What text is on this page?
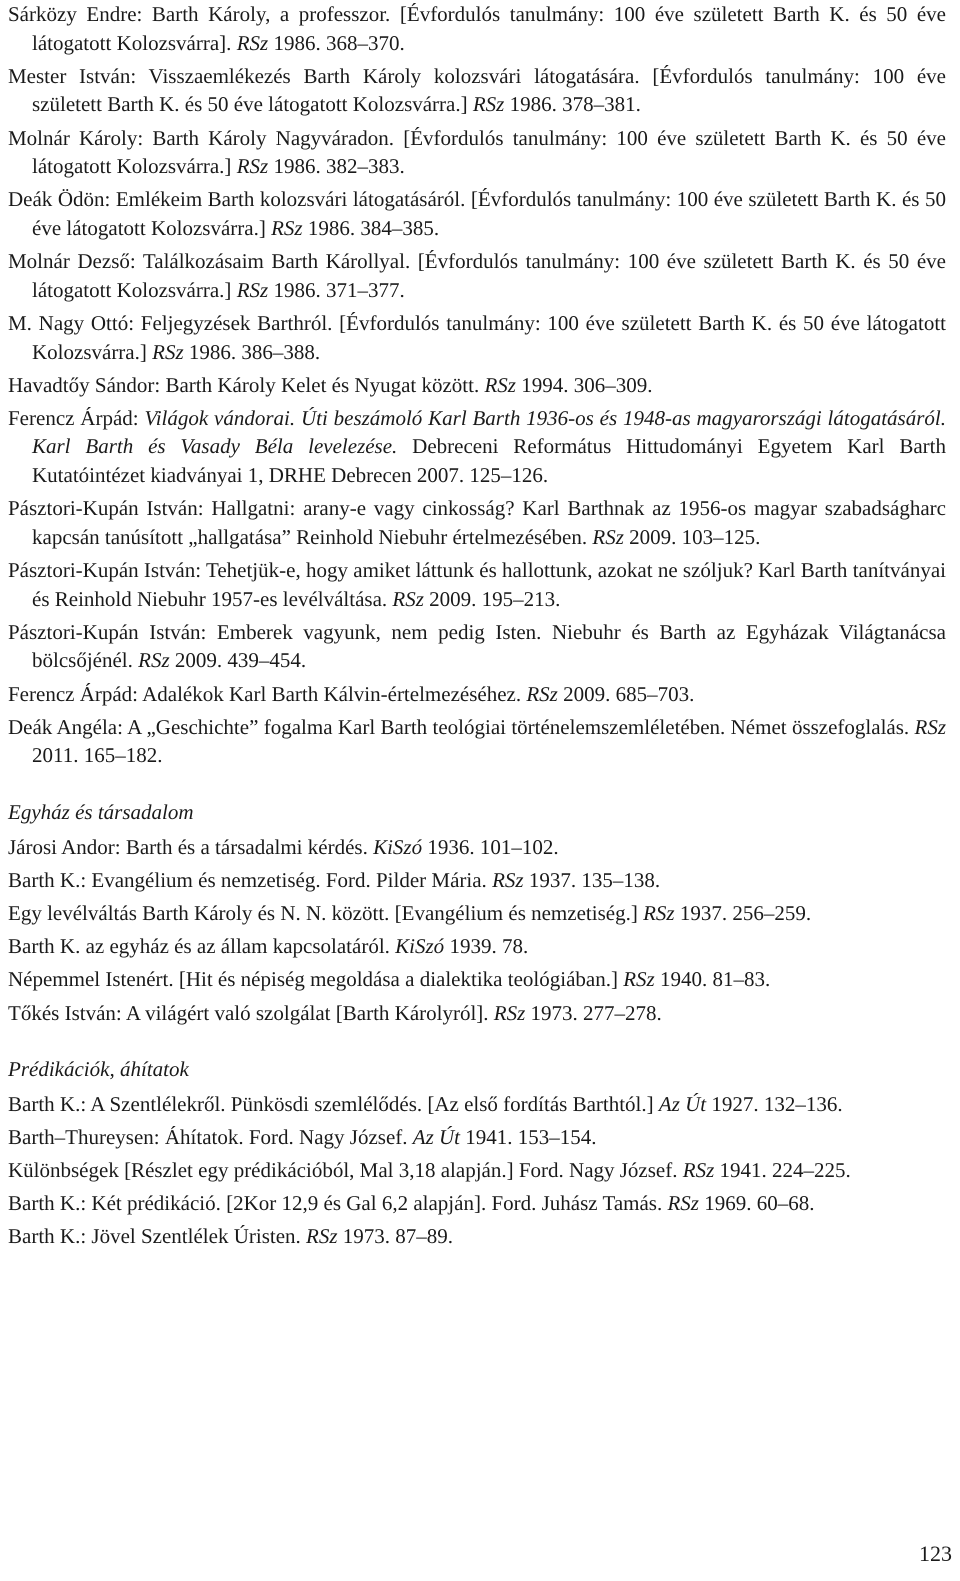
Sárközy Endre: Barth Károly, a professzor. [Évfordulós tanulmány: 100 éve született Barth K. és 50 éve látogatott Kolozsvárra]. RSz 1986. 368–370.
Mester István: Visszaemlékezés Barth Károly kolozsvári látogatására. [Évfordulós tanulmány: 100 éve született Barth K. és 50 éve látogatott Kolozsvárra.] RSz 1986. 378–381.
Molnár Károly: Barth Károly Nagyváradon. [Évfordulós tanulmány: 100 éve született Barth K. és 50 éve látogatott Kolozsvárra.] RSz 1986. 382–383.
Deák Ödön: Emlékeim Barth kolozsvári látogatásáról. [Évfordulós tanulmány: 100 éve született Barth K. és 50 éve látogatott Kolozsvárra.] RSz 1986. 384–385.
Molnár Dezső: Találkozásaim Barth Károllyal. [Évfordulós tanulmány: 100 éve született Barth K. és 50 éve látogatott Kolozsvárra.] RSz 1986. 371–377.
M. Nagy Ottó: Feljegyzések Barthról. [Évfordulós tanulmány: 100 éve született Barth K. és 50 éve látogatott Kolozsvárra.] RSz 1986. 386–388.
Havadtőy Sándor: Barth Károly Kelet és Nyugat között. RSz 1994. 306–309.
Ferencz Árpád: Világok vándorai. Úti beszámoló Karl Barth 1936-os és 1948-as magyarországi látogatásáról. Karl Barth és Vasady Béla levelezése. Debreceni Református Hittudományi Egyetem Karl Barth Kutatóintézet kiadványai 1, DRHE Debrecen 2007. 125–126.
Pásztori-Kupán István: Hallgatni: arany-e vagy cinkosság? Karl Barthnak az 1956-os magyar szabadságharc kapcsán tanúsított „hallgatása” Reinhold Niebuhr értelmezésében. RSz 2009. 103–125.
Pásztori-Kupán István: Tehetjük-e, hogy amiket láttunk és hallottunk, azokat ne szóljuk? Karl Barth tanítványai és Reinhold Niebuhr 1957-es levélváltása. RSz 2009. 195–213.
Pásztori-Kupán István: Emberek vagyunk, nem pedig Isten. Niebuhr és Barth az Egyházak Világtanácsa bölcsőjénél. RSz 2009. 439–454.
Ferencz Árpád: Adalékok Karl Barth Kálvin-értelmezéséhez. RSz 2009. 685–703.
Deák Angéla: A „Geschichte” fogalma Karl Barth teológiai történelemszemléletében. Német összefoglalás. RSz 2011. 165–182.
Egyház és társadalom
Járosi Andor: Barth és a társadalmi kérdés. KiSzó 1936. 101–102.
Barth K.: Evangélium és nemzetiség. Ford. Pilder Mária. RSz 1937. 135–138.
Egy levélváltás Barth Károly és N. N. között. [Evangélium és nemzetiség.] RSz 1937. 256–259.
Barth K. az egyház és az állam kapcsolatáról. KiSzó 1939. 78.
Népemmel Istenért. [Hit és népiség megoldása a dialektika teológiában.] RSz 1940. 81–83.
Tőkés István: A világért való szolgálat [Barth Károlyról]. RSz 1973. 277–278.
Prédikációk, áhítatok
Barth K.: A Szentlélekről. Pünkösdi szemlélődés. [Az első fordítás Barthtól.] Az Út 1927. 132–136.
Barth–Thureysen: Áhítatok. Ford. Nagy József. Az Út 1941. 153–154.
Különbségek [Részlet egy prédikációból, Mal 3,18 alapján.] Ford. Nagy József. RSz 1941. 224–225.
Barth K.: Két prédikáció. [2Kor 12,9 és Gal 6,2 alapján]. Ford. Juhász Tamás. RSz 1969. 60–68.
Barth K.: Jövel Szentlélek Úristen. RSz 1973. 87–89.
123
